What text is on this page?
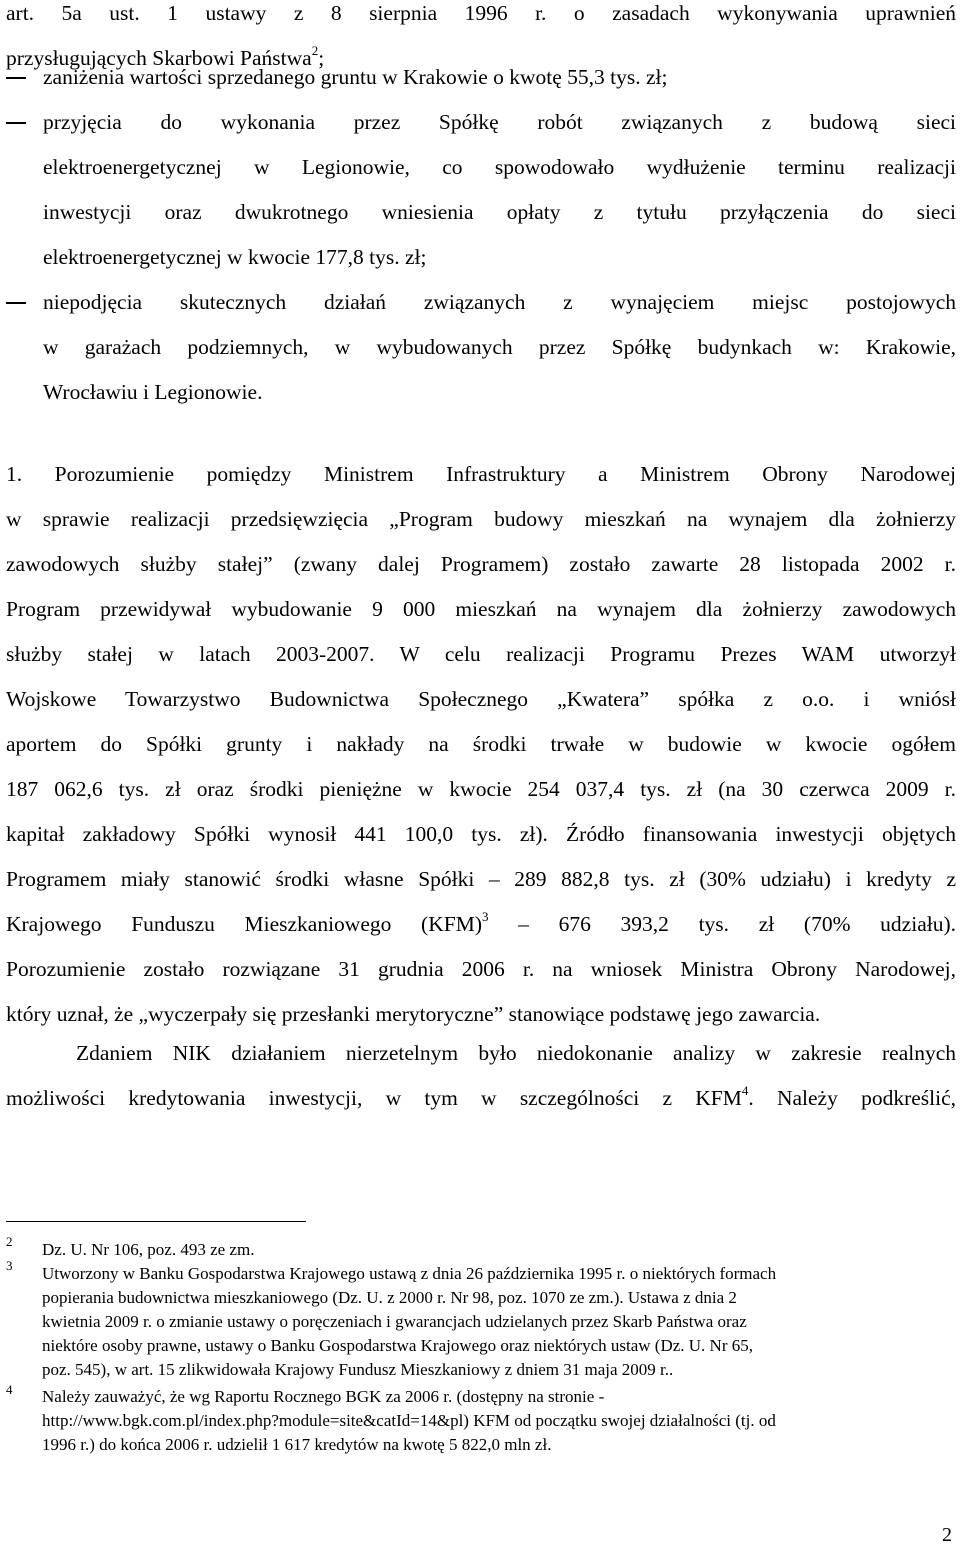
art. 5a ust. 1 ustawy z 8 sierpnia 1996 r. o zasadach wykonywania uprawnień
przysługujących Skarbowi Państwa$^2$;
zaniżenia wartości sprzedanego gruntu w Krakowie o kwotę 55,3 tys. zł;
przyjęcia do wykonania przez Spółkę robót związanych z budową sieci
elektroenergetycznej w Legionowie, co spowodowało wydłużenie terminu realizacji
inwestycji oraz dwukrotnego wniesienia opłaty z tytułu przyłączenia do sieci
elektroenergetycznej w kwocie 177,8 tys. zł;
niepodjęcia skutecznych działań związanych z wynajęciem miejsc postojowych
w garażach podziemnych, w wybudowanych przez Spółkę budynkach w: Krakowie,
Wrocławiu i Legionowie.
1. Porozumienie pomiędzy Ministrem Infrastruktury a Ministrem Obrony Narodowej
w sprawie realizacji przedsięwzięcia „Program budowy mieszkań na wynajem dla żołnierzy
zawodowych służby stałej” (zwany dalej Programem) zostało zawarte 28 listopada 2002 r.
Program przewidywał wybudowanie 9 000 mieszkań na wynajem dla żołnierzy zawodowych
służby stałej w latach 2003-2007. W celu realizacji Programu Prezes WAM utworzył
Wojskowe Towarzystwo Budownictwa Społecznego „Kwatera” spółka z o.o. i wniósł
aportem do Spółki grunty i nakłady na środki trwałe w budowie w kwocie ogółem
187 062,6 tys. zł oraz środki pieniężne w kwocie 254 037,4 tys. zł (na 30 czerwca 2009 r.
kapitał zakładowy Spółki wynosił 441 100,0 tys. zł). Źródło finansowania inwestycji objętych
Programem miały stanowić środki własne Spółki – 289 882,8 tys. zł (30% udziału) i kredyty z
Krajowego Funduszu Mieszkaniowego (KFM)$^3$ – 676 393,2 tys. zł (70% udziału).
Porozumienie zostało rozwiązane 31 grudnia 2006 r. na wniosek Ministra Obrony Narodowej,
który uznał, że „wyczerpały się przesłanki merytoryczne” stanowiące podstawę jego zawarcia.
Zdaniem NIK działaniem nierzetelnym było niedokonanie analizy w zakresie realnych
możliwości kredytowania inwestycji, w tym w szczególności z KFM$^4$. Należy podkreślić,
2 Dz. U. Nr 106, poz. 493 ze zm.
3 Utworzony w Banku Gospodarstwa Krajowego ustawą z dnia 26 października 1995 r. o niektórych formach
popierania budownictwa mieszkaniowego (Dz. U. z 2000 r. Nr 98, poz. 1070 ze zm.). Ustawa z dnia 2
kwietnia 2009 r. o zmianie ustawy o poręczeniach i gwarancjach udzielanych przez Skarb Państwa oraz
niektóre osoby prawne, ustawy o Banku Gospodarstwa Krajowego oraz niektórych ustaw (Dz. U. Nr 65,
poz. 545), w art. 15 zlikwidowała Krajowy Fundusz Mieszkaniowy z dniem 31 maja 2009 r..
4 Należy zauważyć, że wg Raportu Rocznego BGK za 2006 r. (dostępny na stronie -
http://www.bgk.com.pl/index.php?module=site&catId=14&pl) KFM od początku swojej działalności (tj. od
1996 r.) do końca 2006 r. udzielił 1 617 kredytów na kwotę 5 822,0 mln zł.
2
